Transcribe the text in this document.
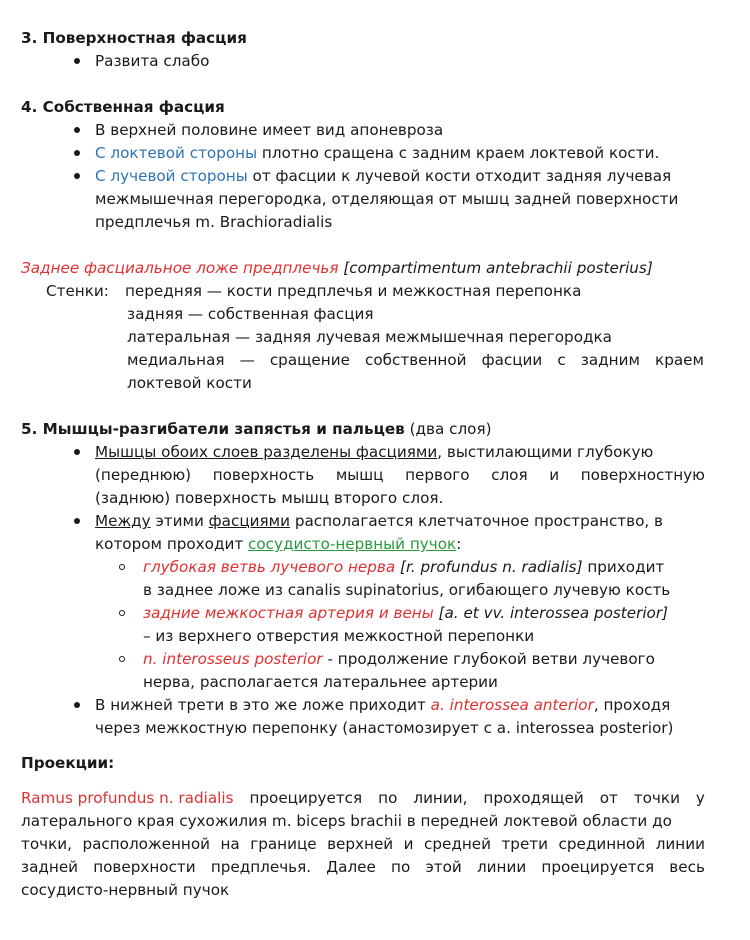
3. Поверхностная фасция
Развита слабо
4. Собственная фасция
В верхней половине имеет вид апоневроза
С локтевой стороны плотно сращена с задним краем локтевой кости.
С лучевой стороны от фасции к лучевой кости отходит задняя лучевая
межмышечная перегородка, отделяющая от мышц задней поверхности
предплечья m. Brachioradialis
Заднее фасциальное ложе предплечья [compartimentum antebrachii posterius]
Стенки: передняя — кости предплечья и межкостная перепонка
задняя — собственная фасция
латеральная — задняя лучевая межмышечная перегородка
медиальная — сращение собственной фасции с задним краем
локтевой кости
5. Мышцы-разгибатели запястья и пальцев (два слоя)
Мышцы обоих слоев разделены фасциями, выстилающими глубокую
(переднюю) поверхность мышц первого слоя и поверхностную
(заднюю) поверхность мышц второго слоя.
Между этими фасциями располагается клетчаточное пространство, в
котором проходит сосудисто-нервный пучок:
глубокая ветвь лучевого нерва [r. profundus n. radialis] приходит
в заднее ложе из canalis supinatorius, огибающего лучевую кость
задние межкостная артерия и вены [a. et vv. interossea posterior]
– из верхнего отверстия межкостной перепонки
n. interosseus posterior - продолжение глубокой ветви лучевого
нерва, располагается латеральнее артерии
В нижней трети в это же ложе приходит a. interossea anterior, проходя
через межкостную перепонку (анастомозирует с a. interossea posterior)
Проекции:
Ramus profundus n. radialis проецируется по линии, проходящей от точки у
латерального края сухожилия m. biceps brachii в передней локтевой области до
точки, расположенной на границе верхней и средней трети срединной линии
задней поверхности предплечья. Далее по этой линии проецируется весь
сосудисто-нервный пучок
